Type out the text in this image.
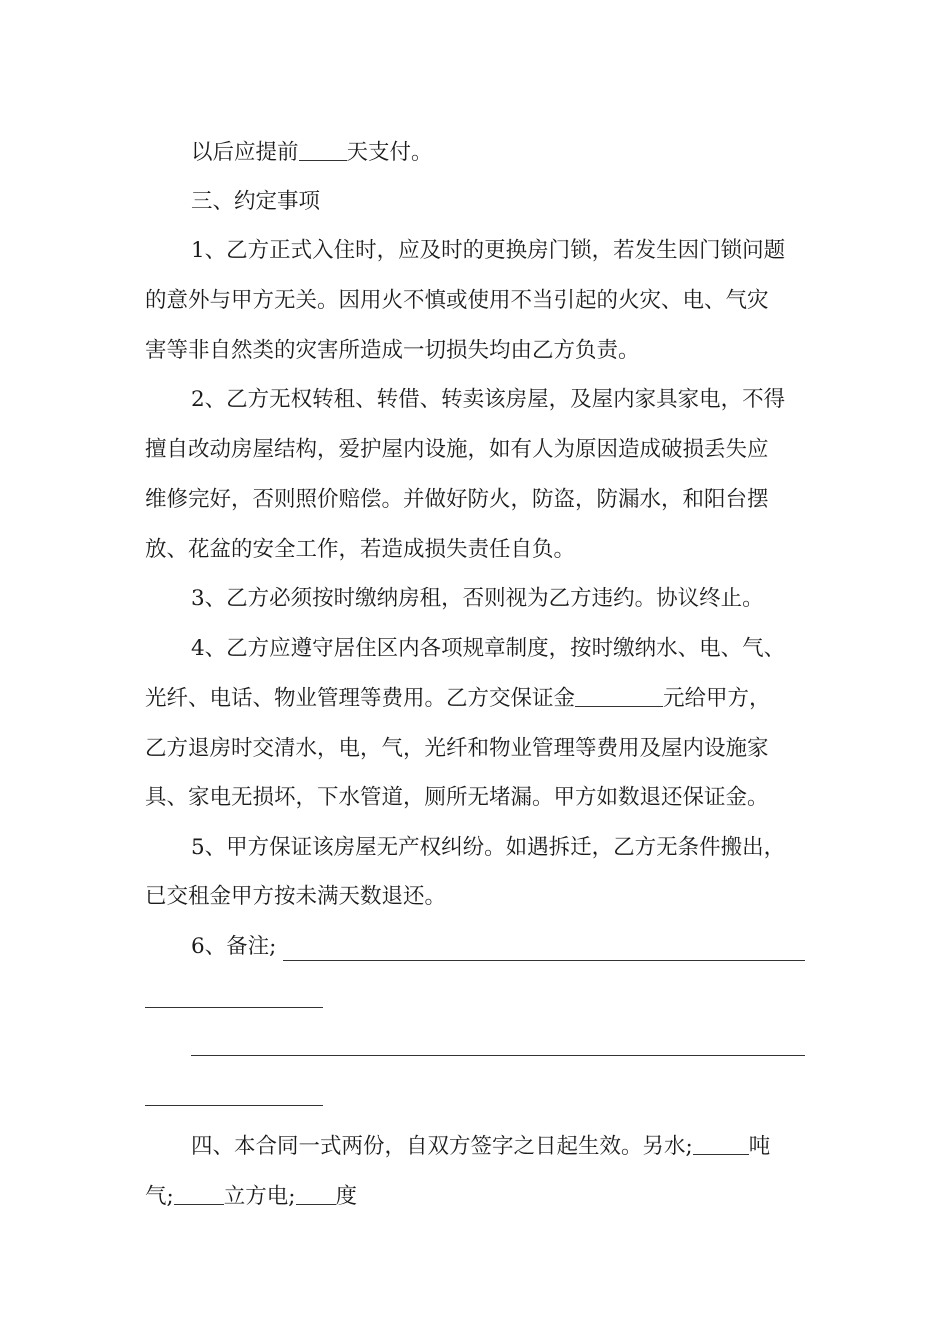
以后应提前 天支付。
三、约定事项
1、乙方正式入住时，应及时的更换房门锁，若发生因门锁问题
的意外与甲方无关。因用火不慎或使用不当引起的火灾、电、气灾
害等非自然类的灾害所造成一切损失均由乙方负责。
2、乙方无权转租、转借、转卖该房屋，及屋内家具家电，不得
擅自改动房屋结构，爱护屋内设施，如有人为原因造成破损丢失应
维修完好，否则照价赔偿。并做好防火，防盗，防漏水，和阳台摆
放、花盆的安全工作，若造成损失责任自负。
3、乙方必须按时缴纳房租，否则视为乙方违约。协议终止。
4、乙方应遵守居住区内各项规章制度，按时缴纳水、电、气、
光纤、电话、物业管理等费用。乙方交保证金	元给甲方，
乙方退房时交清水，电，气，光纤和物业管理等费用及屋内设施家
具、家电无损坏，下水管道，厕所无堵漏。甲方如数退还保证金。
5、甲方保证该房屋无产权纠纷。如遇拆迁，乙方无条件搬出，
已交租金甲方按未满天数退还。
6、备注;
四、本合同一式两份，自双方签字之日起生效。另水;	吨
气; 立方电; 度
